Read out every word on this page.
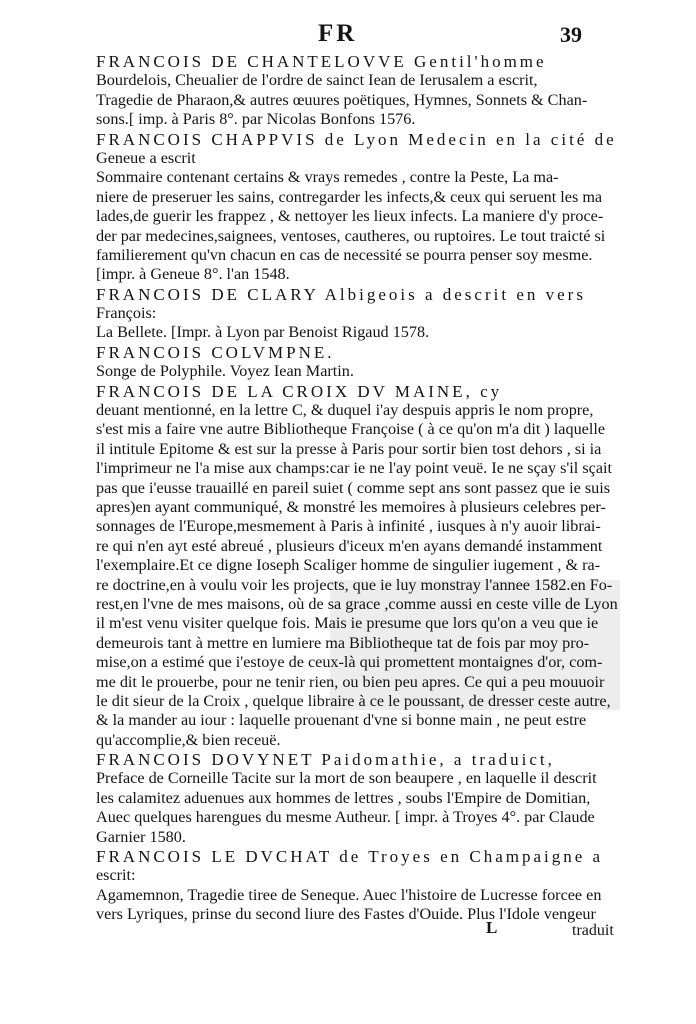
FR	39
FRANCOIS DE CHANTELOVVE Gentil'homme
Bourdelois, Cheualier de l'ordre de sainct Iean de Ierusalem a escrit,
Tragedie de Pharaon,& autres œuures poëtiques, Hymnes, Sonnets & Chan-
sons.[ imp. à Paris 8°. par Nicolas Bonfons 1576.
FRANCOIS CHAPPVIS de Lyon Medecin en la cité de
Geneue a escrit
Sommaire contenant certains & vrays remedes , contre la Peste, La ma-
niere de preseruer les sains, contregarder les infects,& ceux qui seruent les ma
lades,de guerir les frappez , & nettoyer les lieux infects. La maniere d'y proce-
der par medecines,saignees, ventoses, cautheres, ou ruptoires. Le tout traicté si
familierement qu'vn chacun en cas de necessité se pourra penser soy mesme.
[impr. à Geneue 8°. l'an 1548.
FRANCOIS DE CLARY Albigeois a descrit en vers
François:
La Bellete. [Impr. à Lyon par Benoist Rigaud 1578.
FRANCOIS COLVMPNE.
Songe de Polyphile. Voyez Iean Martin.
FRANCOIS DE LA CROIX DV MAINE, cy
deuant mentionné, en la lettre C, & duquel i'ay despuis appris le nom propre,
s'est mis a faire vne autre Bibliotheque Françoise ( à ce qu'on m'a dit ) laquelle
il intitule Epitome & est sur la presse à Paris pour sortir bien tost dehors , si ia
l'imprimeur ne l'a mise aux champs:car ie ne l'ay point veuë. Ie ne sçay s'il sçait
pas que i'eusse trauaillé en pareil suiet ( comme sept ans sont passez que ie suis
apres)en ayant communiqué, & monstré les memoires à plusieurs celebres per-
sonnages de l'Europe,mesmement à Paris à infinité , iusques à n'y auoir librai-
re qui n'en ayt esté abreué , plusieurs d'iceux m'en ayans demandé instamment
l'exemplaire.Et ce digne Ioseph Scaliger homme de singulier iugement , & ra-
re doctrine,en à voulu voir les projects, que ie luy monstray l'annee 1582.en Fo-
rest,en l'vne de mes maisons, où de sa grace ,comme aussi en ceste ville de Lyon
il m'est venu visiter quelque fois. Mais ie presume que lors qu'on a veu que ie
demeurois tant à mettre en lumiere ma Bibliotheque tat de fois par moy pro-
mise,on a estimé que i'estoye de ceux-là qui promettent montaignes d'or, com-
me dit le prouerbe, pour ne tenir rien, ou bien peu apres. Ce qui a peu mouuoir
le dit sieur de la Croix , quelque libraire à ce le poussant, de dresser ceste autre,
& la mander au iour : laquelle prouenant d'vne si bonne main , ne peut estre
qu'accomplie,& bien receuë.
FRANCOIS DOVYNET Paidomathie, a traduict,
Preface de Corneille Tacite sur la mort de son beaupere , en laquelle il descrit
les calamitez aduenues aux hommes de lettres , soubs l'Empire de Domitian,
Auec quelques harengues du mesme Autheur. [ impr. à Troyes 4°. par Claude
Garnier 1580.
FRANCOIS LE DVCHAT de Troyes en Champaigne a
escrit:
Agamemnon, Tragedie tiree de Seneque. Auec l'histoire de Lucresse forcee en
vers Lyriques, prinse du second liure des Fastes d'Ouide. Plus l'Idole vengeur
L	traduit
